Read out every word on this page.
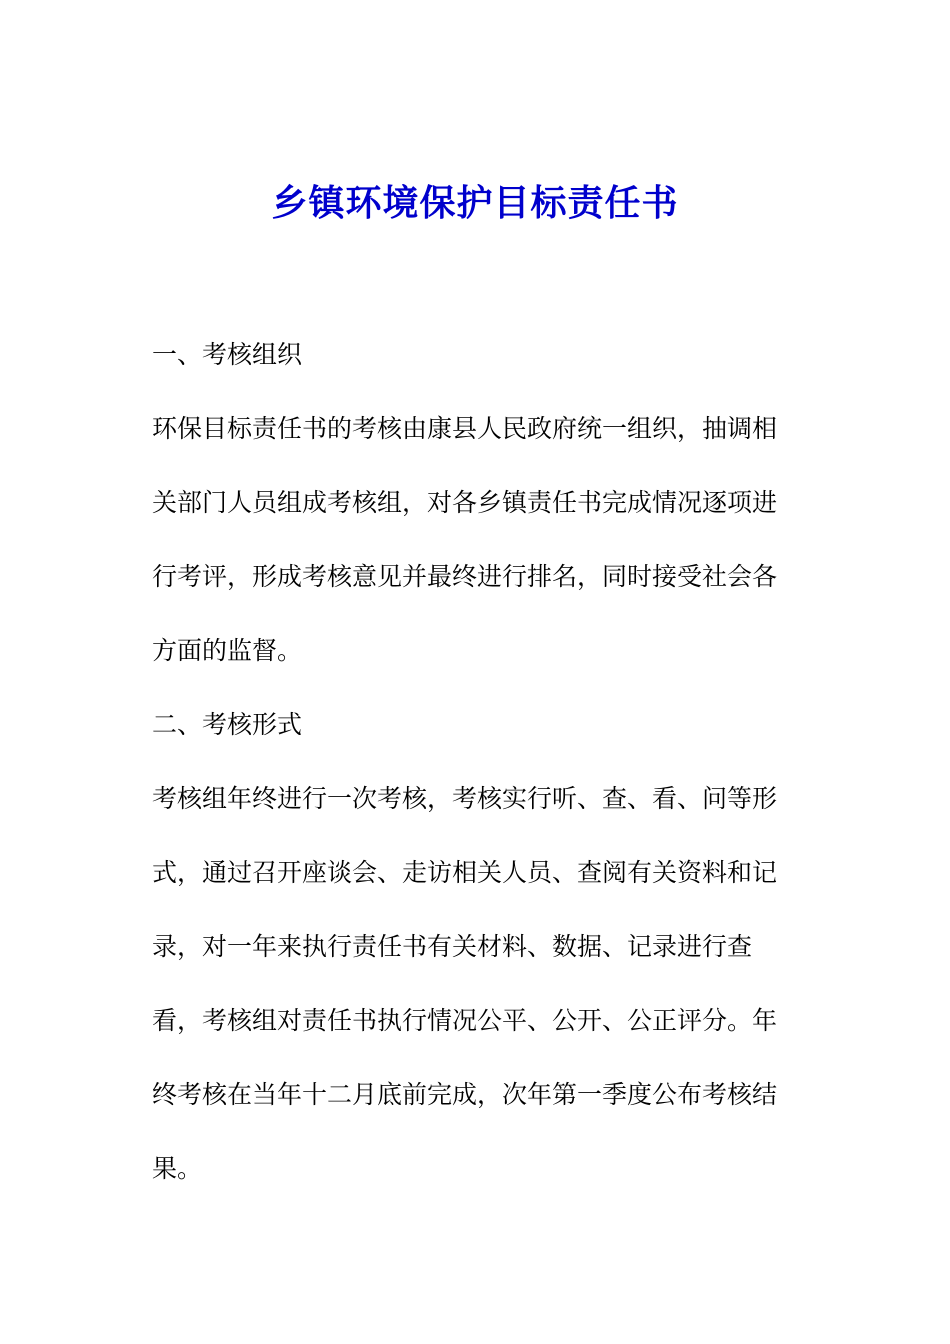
乡镇环境保护目标责任书

一、考核组织

环保目标责任书的考核由康县人民政府统一组织，抽调相
关部门人员组成考核组，对各乡镇责任书完成情况逐项进
行考评，形成考核意见并最终进行排名，同时接受社会各
方面的监督。

二、考核形式

考核组年终进行一次考核，考核实行听、查、看、问等形
式，通过召开座谈会、走访相关人员、查阅有关资料和记
录，对一年来执行责任书有关材料、数据、记录进行查
看，考核组对责任书执行情况公平、公开、公正评分。年
终考核在当年十二月底前完成，次年第一季度公布考核结
果。
